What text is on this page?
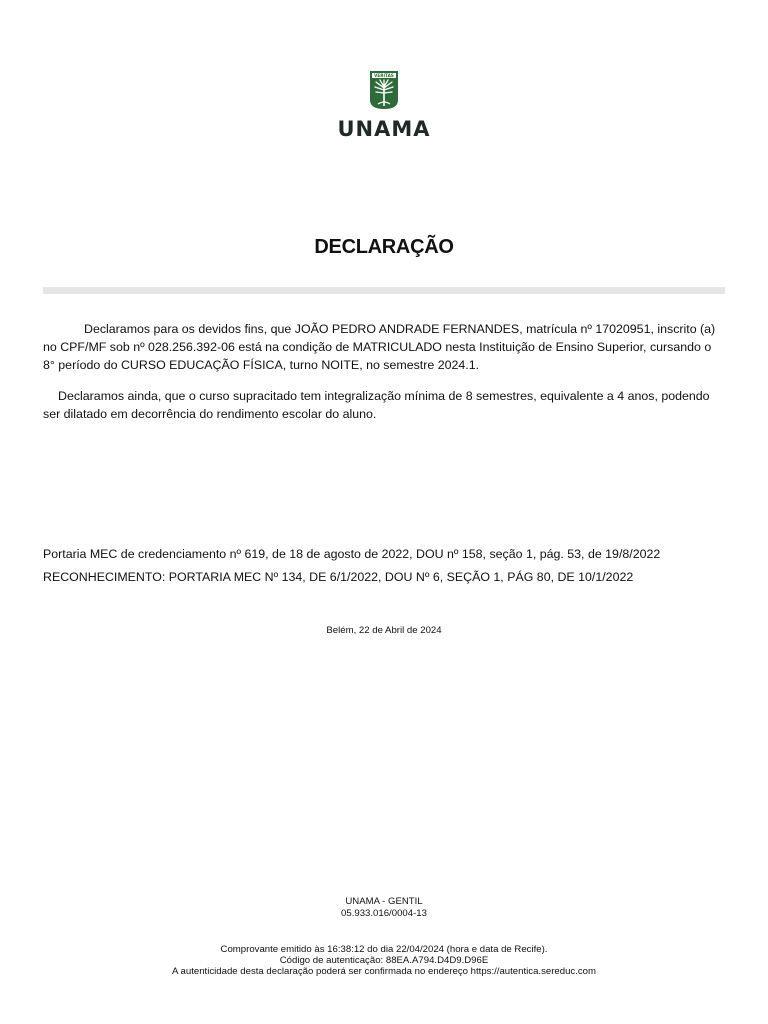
VERITAS
UNAMA
DECLARAÇÃO

Declaramos para os devidos fins, que JOÃO PEDRO ANDRADE FERNANDES, matrícula nº 17020951, inscrito (a) no CPF/MF sob nº 028.256.392-06 está na condição de MATRICULADO nesta Instituição de Ensino Superior, cursando o 8° período do CURSO EDUCAÇÃO FÍSICA, turno NOITE, no semestre 2024.1.

Declaramos ainda, que o curso supracitado tem integralização mínima de 8 semestres, equivalente a 4 anos, podendo ser dilatado em decorrência do rendimento escolar do aluno.

Portaria MEC de credenciamento nº 619, de 18 de agosto de 2022, DOU nº 158, seção 1, pág. 53, de 19/8/2022
RECONHECIMENTO: PORTARIA MEC Nº 134, DE 6/1/2022, DOU Nº 6, SEÇÃO 1, PÁG 80, DE 10/1/2022
Belém, 22 de Abril de 2024
UNAMA - GENTIL
05.933.016/0004-13
Comprovante emitido às 16:38:12 do dia 22/04/2024 (hora e data de Recife).
Código de autenticação: 88EA.A794.D4D9.D96E
A autenticidade desta declaração poderá ser confirmada no endereço https://autentica.sereduc.com
